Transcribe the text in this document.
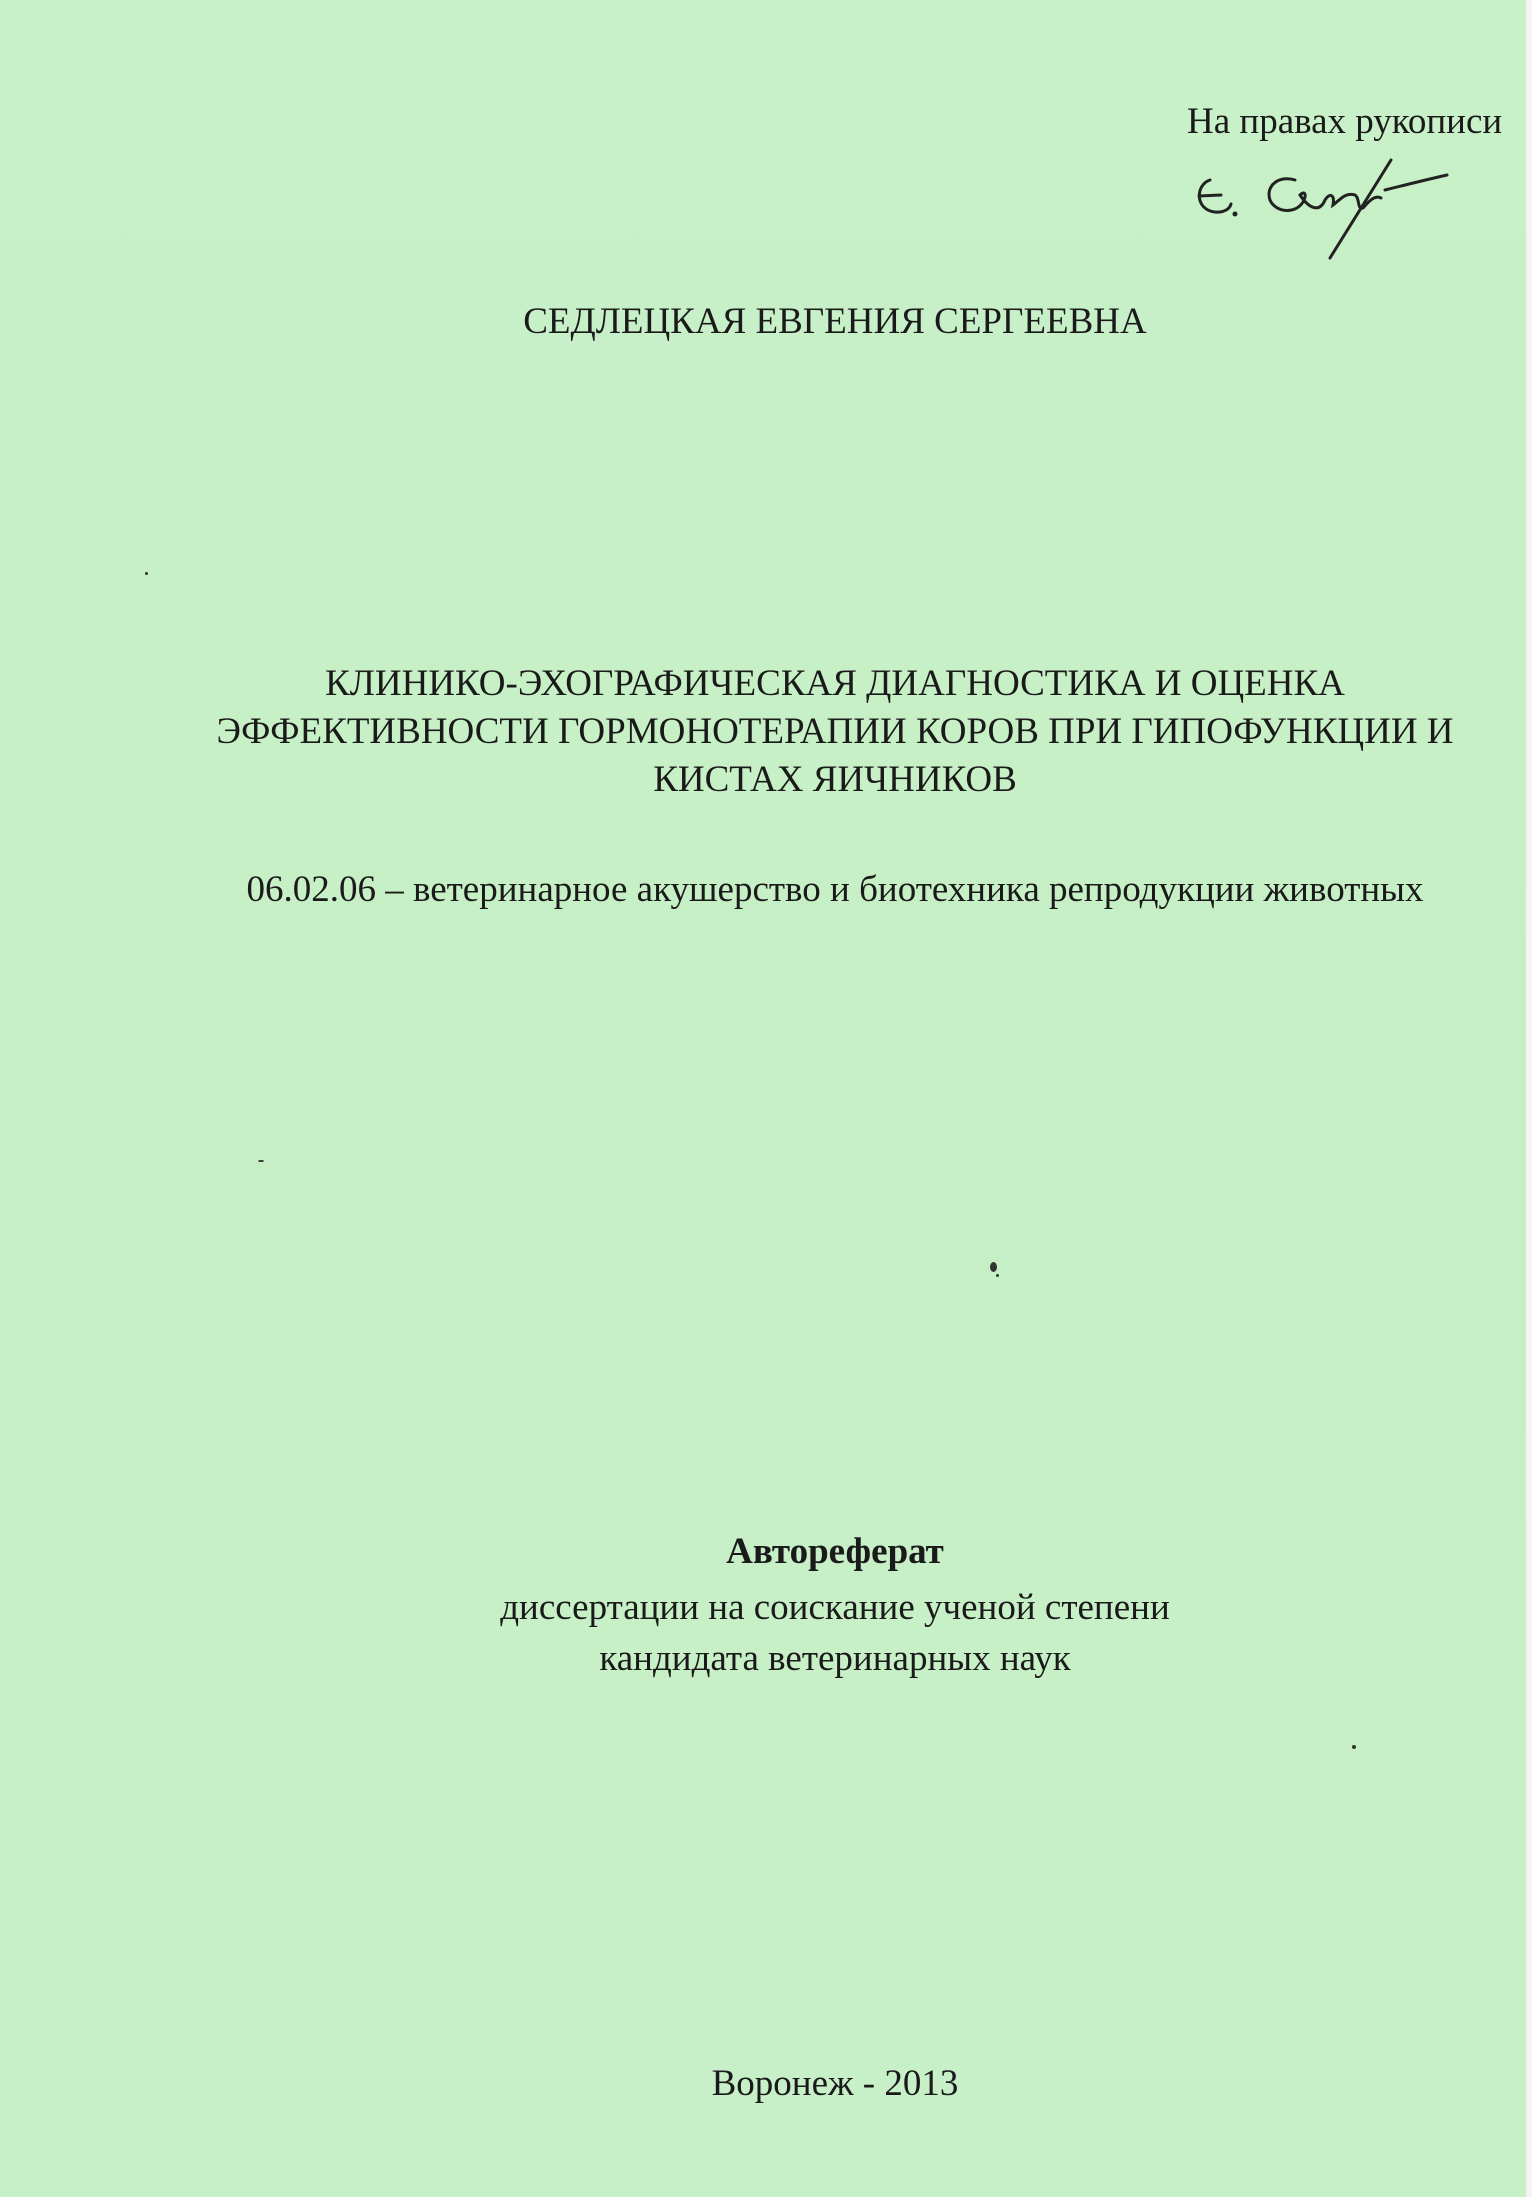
На правах рукописи
СЕДЛЕЦКАЯ ЕВГЕНИЯ СЕРГЕЕВНА
КЛИНИКО-ЭХОГРАФИЧЕСКАЯ ДИАГНОСТИКА И ОЦЕНКА
ЭФФЕКТИВНОСТИ ГОРМОНОТЕРАПИИ КОРОВ ПРИ ГИПОФУНКЦИИ И
КИСТАХ ЯИЧНИКОВ
06.02.06 – ветеринарное акушерство и биотехника репродукции животных
Автореферат
диссертации на соискание ученой степени
кандидата ветеринарных наук
Воронеж - 2013
